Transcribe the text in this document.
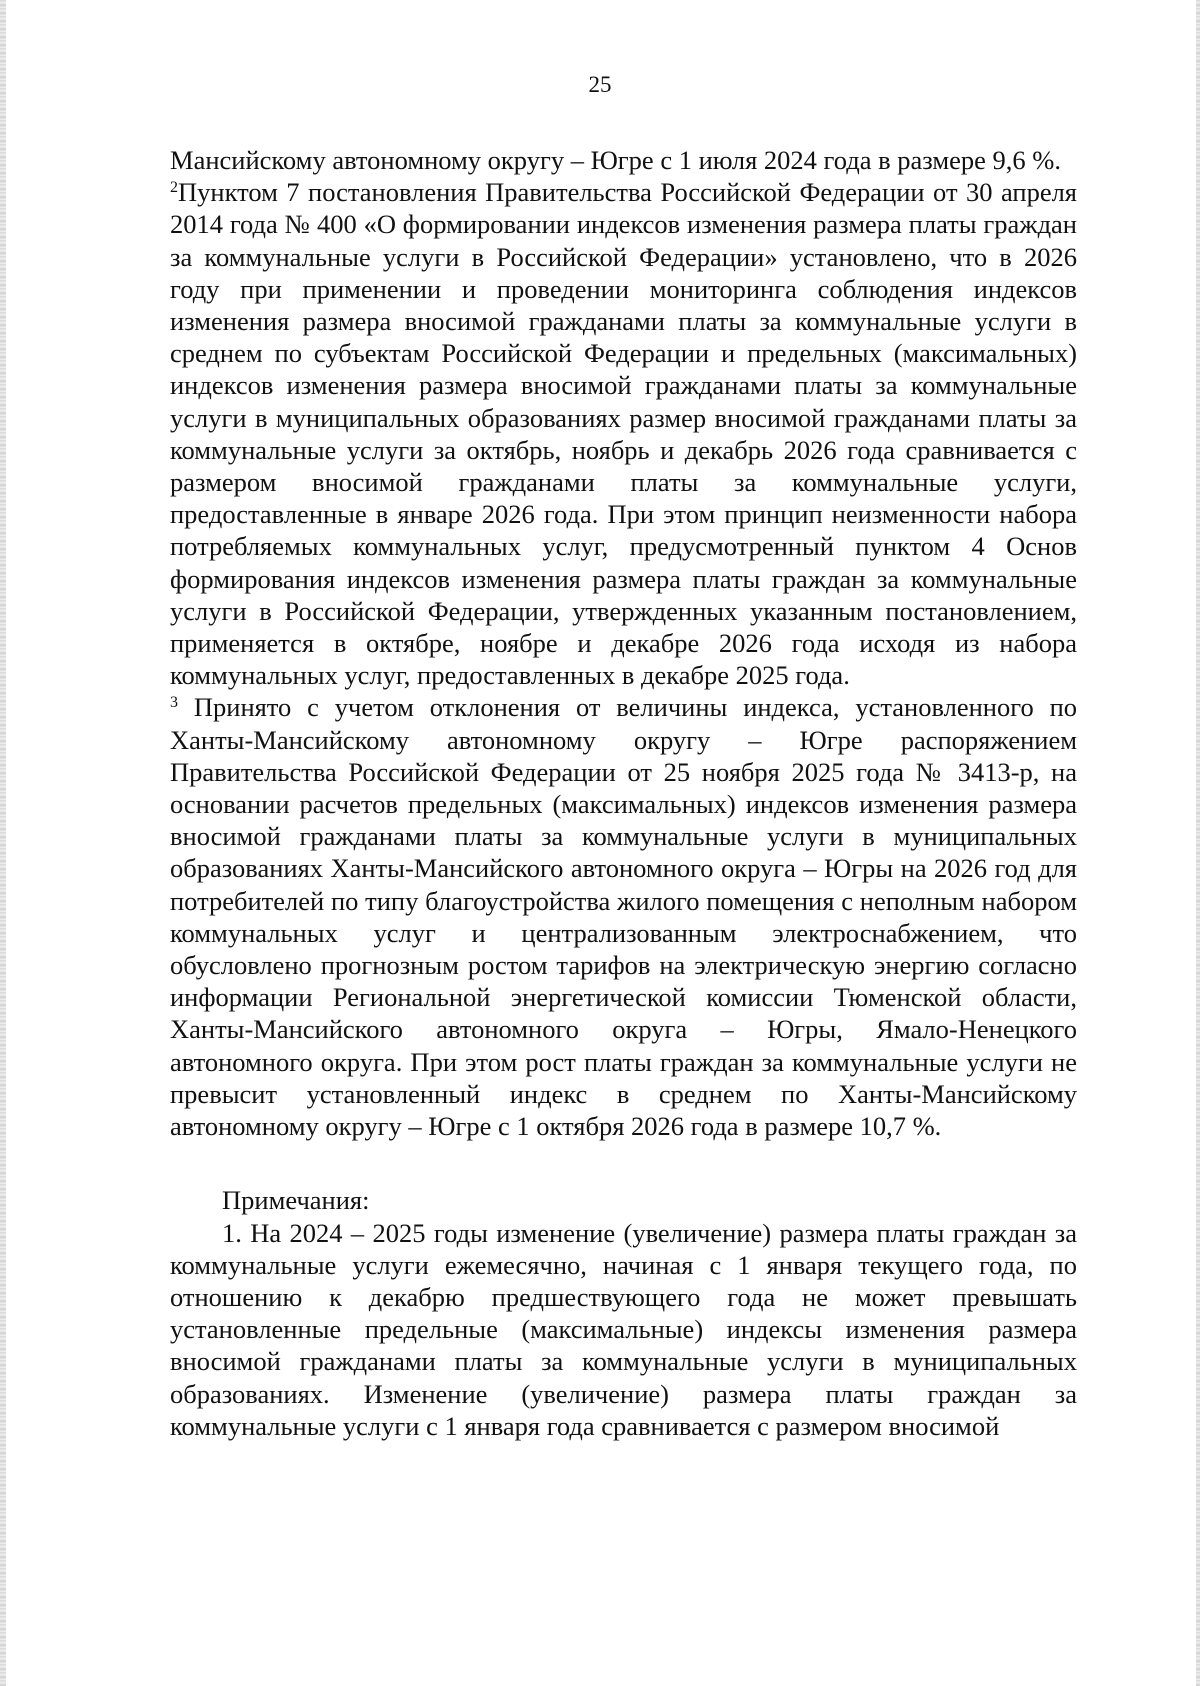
25

Мансийскому автономному округу – Югре с 1 июля 2024 года в размере 9,6 %.

$^2$Пунктом 7 постановления Правительства Российской Федерации от 30 апреля 2014 года № 400 «О формировании индексов изменения размера платы граждан за коммунальные услуги в Российской Федерации» установлено, что в 2026 году при применении и проведении мониторинга соблюдения индексов изменения размера вносимой гражданами платы за коммунальные услуги в среднем по субъектам Российской Федерации и предельных (максимальных) индексов изменения размера вносимой гражданами платы за коммунальные услуги в муниципальных образованиях размер вносимой гражданами платы за коммунальные услуги за октябрь, ноябрь и декабрь 2026 года сравнивается с размером вносимой гражданами платы за коммунальные услуги, предоставленные в январе 2026 года. При этом принцип неизменности набора потребляемых коммунальных услуг, предусмотренный пунктом 4 Основ формирования индексов изменения размера платы граждан за коммунальные услуги в Российской Федерации, утвержденных указанным постановлением, применяется в октябре, ноябре и декабре 2026 года исходя из набора коммунальных услуг, предоставленных в декабре 2025 года.

$^3$ Принято с учетом отклонения от величины индекса, установленного по Ханты-Мансийскому автономному округу – Югре распоряжением Правительства Российской Федерации от 25 ноября 2025 года № 3413-р, на основании расчетов предельных (максимальных) индексов изменения размера вносимой гражданами платы за коммунальные услуги в муниципальных образованиях Ханты-Мансийского автономного округа – Югры на 2026 год для потребителей по типу благоустройства жилого помещения с неполным набором коммунальных услуг и централизованным электроснабжением, что обусловлено прогнозным ростом тарифов на электрическую энергию согласно информации Региональной энергетической комиссии Тюменской области, Ханты-Мансийского автономного округа – Югры, Ямало-Ненецкого автономного округа. При этом рост платы граждан за коммунальные услуги не превысит установленный индекс в среднем по Ханты-Мансийскому автономному округу – Югре с 1 октября 2026 года в размере 10,7 %.

Примечания:

1. На 2024 – 2025 годы изменение (увеличение) размера платы граждан за коммунальные услуги ежемесячно, начиная с 1 января текущего года, по отношению к декабрю предшествующего года не может превышать установленные предельные (максимальные) индексы изменения размера вносимой гражданами платы за коммунальные услуги в муниципальных образованиях. Изменение (увеличение) размера платы граждан за коммунальные услуги с 1 января года сравнивается с размером вносимой
